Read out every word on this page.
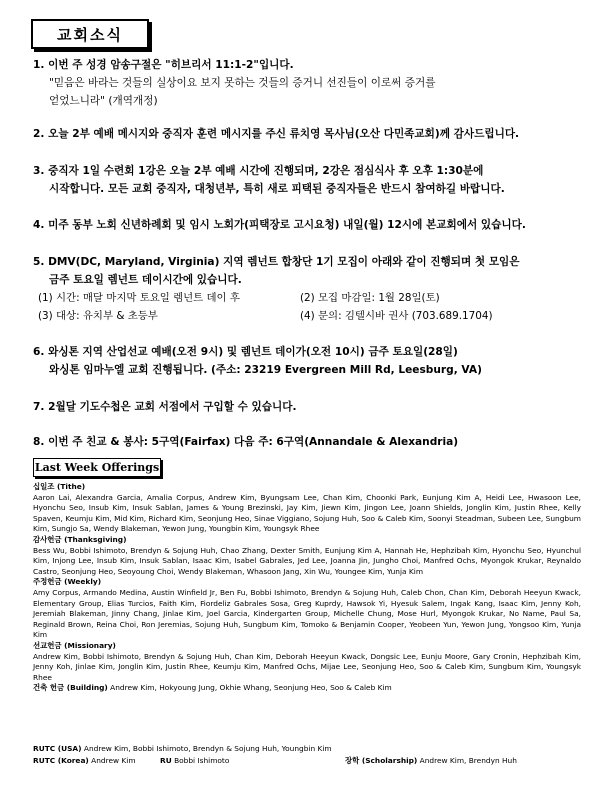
교회소식
1. 이번 주 성경 암송구절은 "히브리서 11:1-2"입니다.
"믿음은 바라는 것들의 실상이요 보지 못하는 것들의 증거니 선진들이 이로써 증거를
얻었느니라" (개역개정)
2. 오늘 2부 예배 메시지와 중직자 훈련 메시지를 주신 류치영 목사님(오산 다민족교회)께 감사드립니다.
3. 중직자 1일 수련회 1강은 오늘 2부 예배 시간에 진행되며, 2강은 점심식사 후 오후 1:30분에
시작합니다. 모든 교회 중직자, 대청년부, 특히 새로 피택된 중직자들은 반드시 참여하길 바랍니다.
4. 미주 동부 노회 신년하례회 및 임시 노회가(피택장로 고시요청) 내일(월) 12시에 본교회에서 있습니다.
5. DMV(DC, Maryland, Virginia) 지역 렘넌트 합창단 1기 모집이 아래와 같이 진행되며 첫 모임은
금주 토요일 렘넌트 데이시간에 있습니다.
(1) 시간: 매달 마지막 토요일 렘넌트 데이 후	(2) 모집 마감일: 1월 28일(토)
(3) 대상: 유치부 & 초등부	(4) 문의: 김텔시바 권사 (703.689.1704)
6. 와싱톤 지역 산업선교 예배(오전 9시) 및 렘넌트 데이가(오전 10시) 금주 토요일(28일)
와싱톤 임마누엘 교회 진행됩니다. (주소: 23219 Evergreen Mill Rd, Leesburg, VA)
7. 2월달 기도수첩은 교회 서점에서 구입할 수 있습니다.
8. 이번 주 친교 & 봉사: 5구역(Fairfax) 다음 주: 6구역(Annandale & Alexandria)
Last Week Offerings
십일조 (Tithe)
Aaron Lai, Alexandra Garcia, Amalia Corpus, Andrew Kim, Byungsam Lee, Chan Kim, Choonki Park, Eunjung Kim A, Heidi Lee, Hwasoon Lee, Hyonchu Seo, Insub Kim, Insuk Sablan, James & Young Brezinski, Jay Kim, Jiewn Kim, Jingon Lee, Joann Shields, Jonglin Kim, Justin Rhee, Kelly Spaven, Keumju Kim, Mid Kim, Richard Kim, Seonjung Heo, Sinae Viggiano, Sojung Huh, Soo & Caleb Kim, Soonyi Steadman, Subeen Lee, Sungbum Kim, Sungjo Sa, Wendy Blakeman, Yewon Jung, Youngbin Kim, Youngsyk Rhee
감사헌금 (Thanksgiving)
Bess Wu, Bobbi Ishimoto, Brendyn & Sojung Huh, Chao Zhang, Dexter Smith, Eunjung Kim A, Hannah He, Hephzibah Kim, Hyonchu Seo, Hyunchul Kim, Injong Lee, Insub Kim, Insuk Sablan, Isaac Kim, Isabel Gabrales, Jed Lee, Joanna Jin, Jungho Choi, Manfred Ochs, Myongok Krukar, Reynaldo Castro, Seonjung Heo, Seoyoung Choi, Wendy Blakeman, Whasoon Jang, Xin Wu, Youngee Kim, Yunja Kim
주정헌금 (Weekly)
Amy Corpus, Armando Medina, Austin Winfield Jr, Ben Fu, Bobbi Ishimoto, Brendyn & Sojung Huh, Caleb Chon, Chan Kim, Deborah Heeyun Kwack, Elementary Group, Elias Turcios, Faith Kim, Fiordeliz Gabrales Sosa, Greg Kuprdy, Hawsok Yi, Hyesuk Salem, Ingak Kang, Isaac Kim, Jenny Koh, Jeremiah Blakeman, Jinny Chang, Jinlae Kim, Joel Garcia, Kindergarten Group, Michelle Chung, Mose Hurl, Myongok Krukar, No Name, Paul Sa, Reginald Brown, Reina Choi, Ron Jeremias, Sojung Huh, Sungbum Kim, Tomoko & Benjamin Cooper, Yeobeen Yun, Yewon Jung, Yongsoo Kim, Yunja Kim
선교헌금 (Missionary)
Andrew Kim, Bobbi Ishimoto, Brendyn & Sojung Huh, Chan Kim, Deborah Heeyun Kwack, Dongsic Lee, Eunju Moore, Gary Cronin, Hephzibah Kim, Jenny Koh, Jinlae Kim, Jonglin Kim, Justin Rhee, Keumju Kim, Manfred Ochs, Mijae Lee, Seonjung Heo, Soo & Caleb Kim, Sungbum Kim, Youngsyk Rhee
건축 헌금 (Building) Andrew Kim, Hokyoung Jung, Okhie Whang, Seonjung Heo, Soo & Caleb Kim
RUTC (USA) Andrew Kim, Bobbi Ishimoto, Brendyn & Sojung Huh, Youngbin Kim
RUTC (Korea) Andrew Kim	RU Bobbi Ishimoto	장학 (Scholarship) Andrew Kim, Brendyn Huh
